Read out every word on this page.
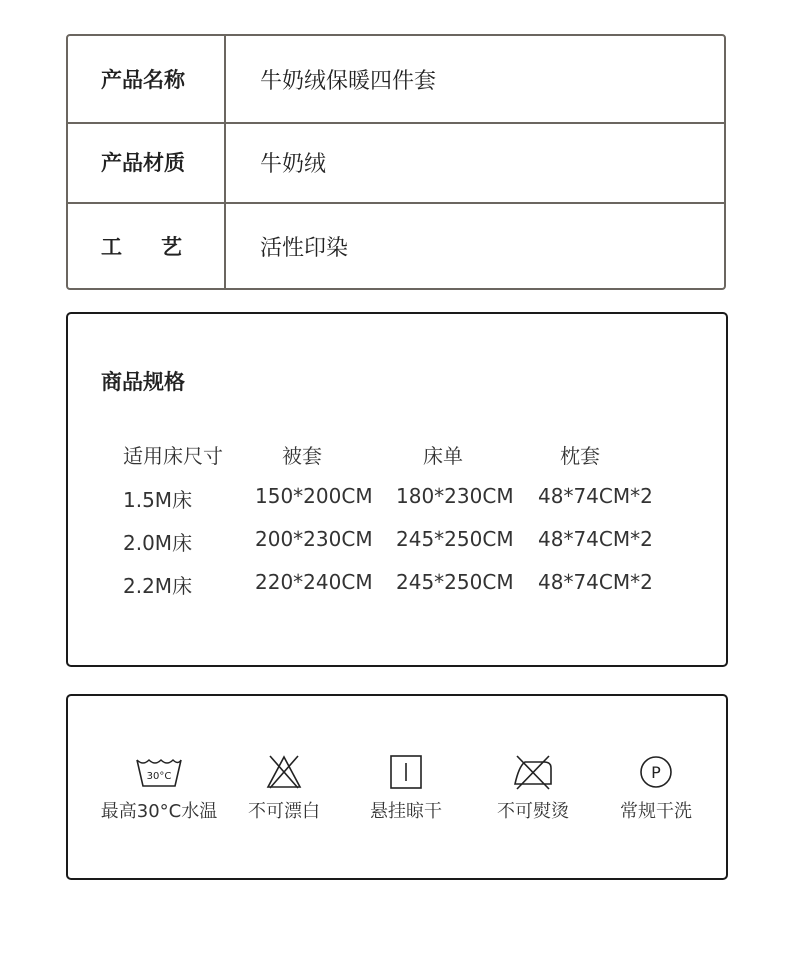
产品名称	牛奶绒保暖四件套
产品材质	牛奶绒
工艺 活性印染
商品规格
适用床尺寸	被套	床单	枕套
1.5M床	150*200CM 180*230CM 48*74CM*2
2.0M床	200*230CM 245*250CM 48*74CM*2
2.2M床	220*240CM 245*250CM 48*74CM*2
30°C
最高30°C水温	不可漂白	悬挂晾干	不可熨烫
P
常规干洗
